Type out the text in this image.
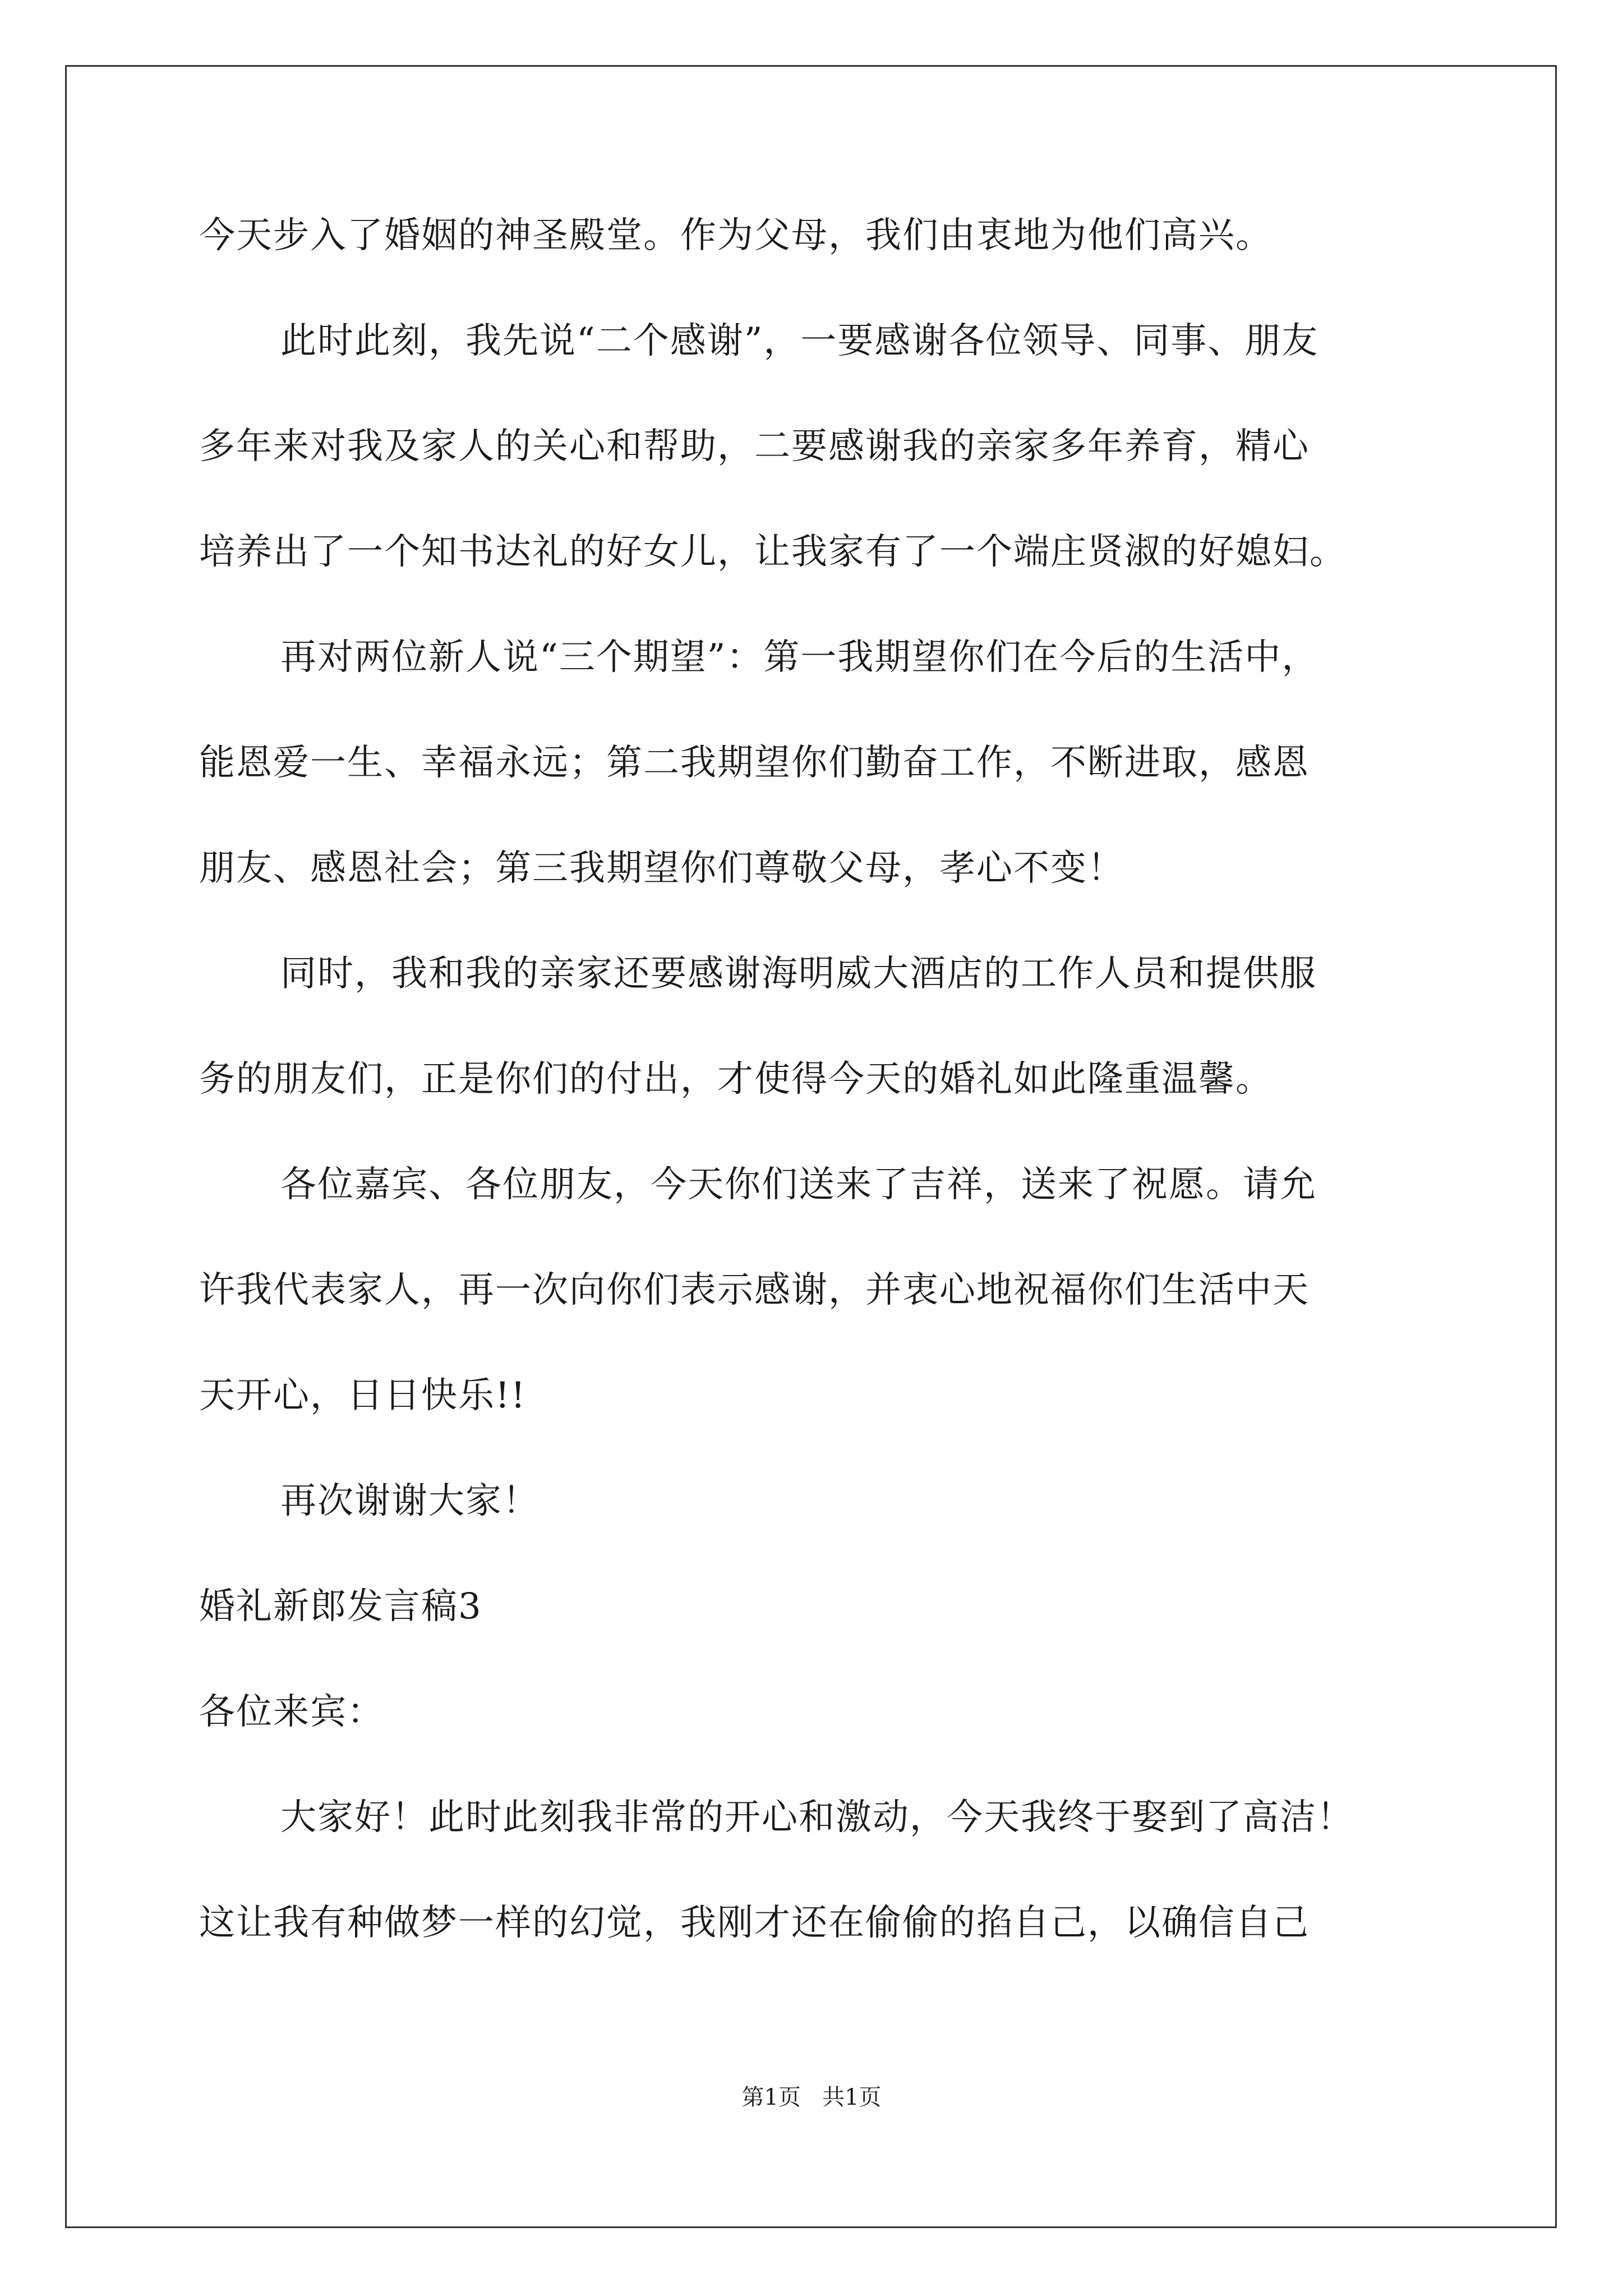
今天步入了婚姻的神圣殿堂。作为父母，我们由衷地为他们高兴。

此时此刻，我先说“二个感谢”，一要感谢各位领导、同事、朋友

多年来对我及家人的关心和帮助，二要感谢我的亲家多年养育，精心

培养出了一个知书达礼的好女儿，让我家有了一个端庄贤淑的好媳妇。

再对两位新人说“三个期望”：第一我期望你们在今后的生活中，

能恩爱一生、幸福永远；第二我期望你们勤奋工作，不断进取，感恩

朋友、感恩社会；第三我期望你们尊敬父母，孝心不变！

同时，我和我的亲家还要感谢海明威大酒店的工作人员和提供服

务的朋友们，正是你们的付出，才使得今天的婚礼如此隆重温馨。

各位嘉宾、各位朋友，今天你们送来了吉祥，送来了祝愿。请允

许我代表家人，再一次向你们表示感谢，并衷心地祝福你们生活中天

天开心，日日快乐!!

再次谢谢大家！

婚礼新郎发言稿3

各位来宾：

大家好！此时此刻我非常的开心和激动，今天我终于娶到了高洁！

这让我有种做梦一样的幻觉，我刚才还在偷偷的掐自己，以确信自己

第1页   共1页
